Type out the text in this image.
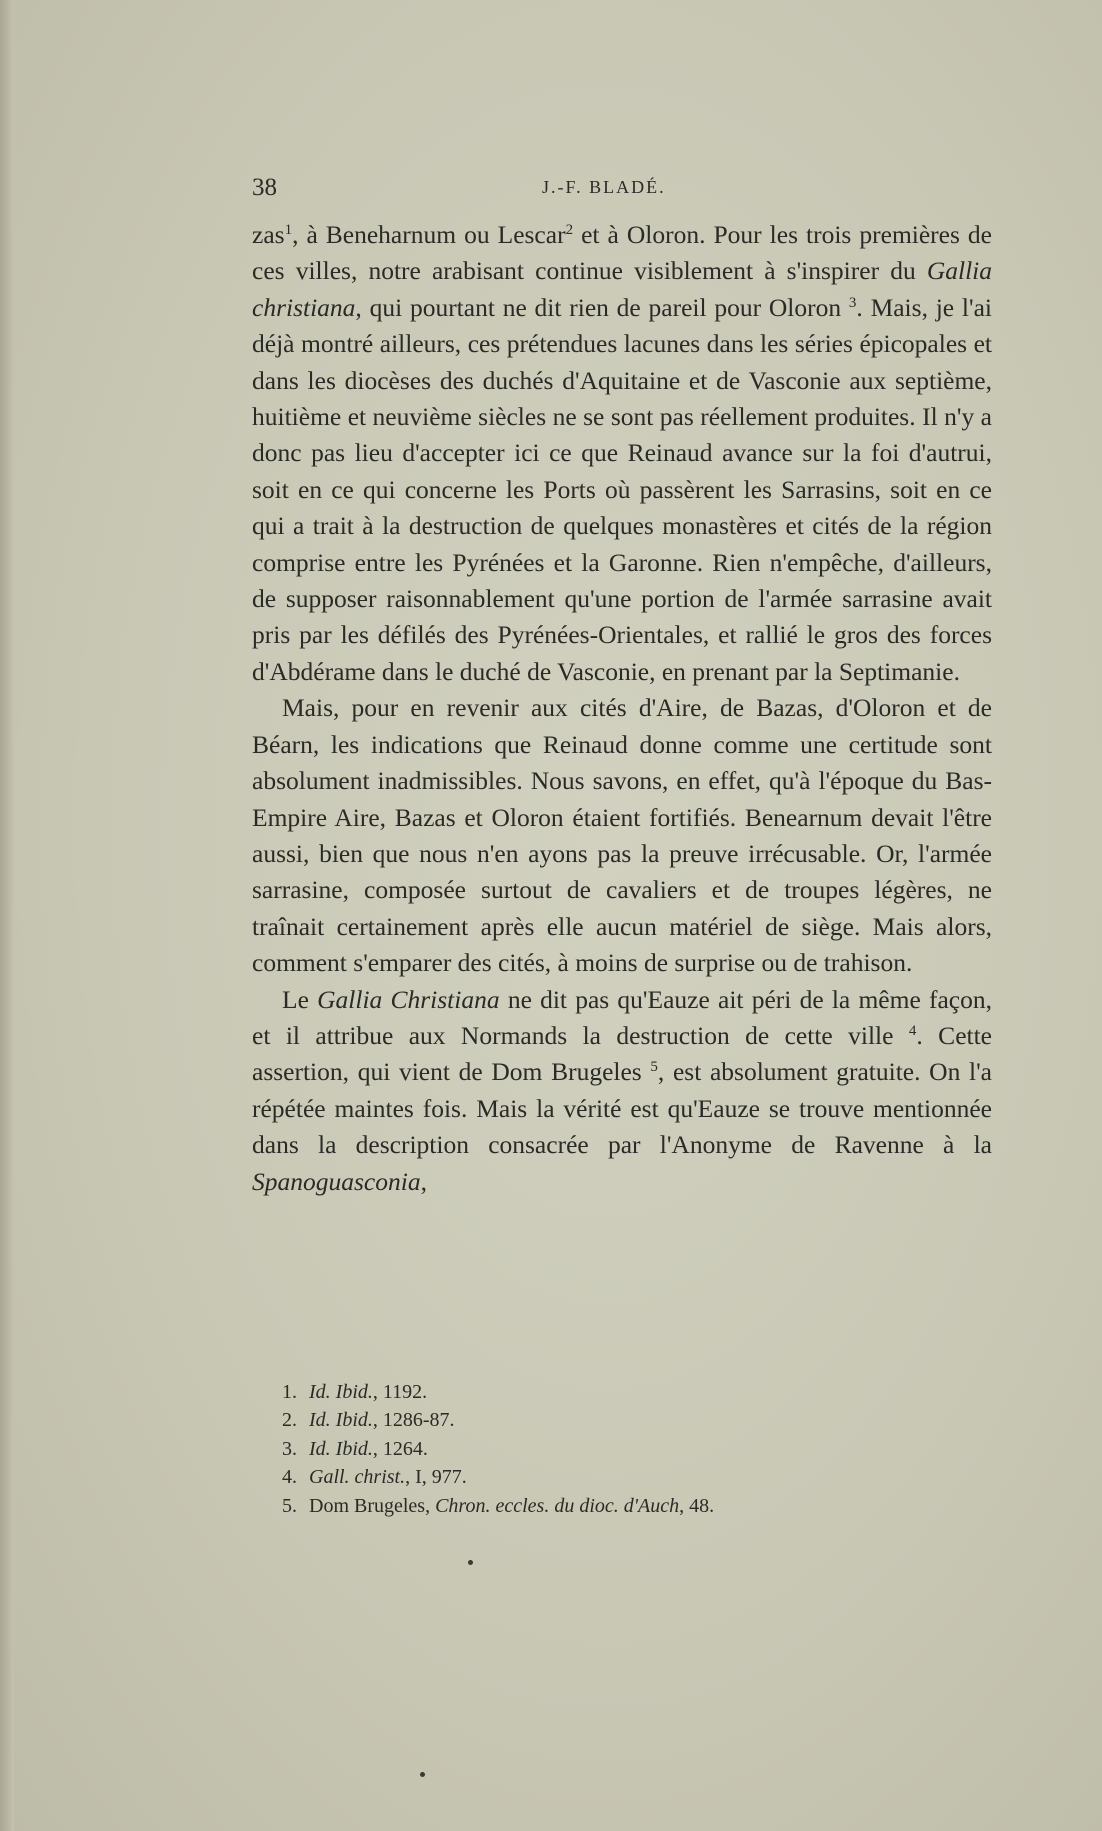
38	J.-F. BLADÉ.

zas$^1$, à Beneharnum ou Lescar$^2$ et à Oloron. Pour les trois premières de ces villes, notre arabisant continue visiblement à s'inspirer du Gallia christiana, qui pourtant ne dit rien de pareil pour Oloron $^3$. Mais, je l'ai déjà montré ailleurs, ces prétendues lacunes dans les séries épicopales et dans les diocèses des duchés d'Aquitaine et de Vasconie aux septième, huitième et neuvième siècles ne se sont pas réellement produites. Il n'y a donc pas lieu d'accepter ici ce que Reinaud avance sur la foi d'autrui, soit en ce qui concerne les Ports où passèrent les Sarrasins, soit en ce qui a trait à la destruction de quelques monastères et cités de la région comprise entre les Pyrénées et la Garonne. Rien n'empêche, d'ailleurs, de supposer raisonnablement qu'une portion de l'armée sarrasine avait pris par les défilés des Pyrénées-Orientales, et rallié le gros des forces d'Abdérame dans le duché de Vasconie, en prenant par la Septimanie.

Mais, pour en revenir aux cités d'Aire, de Bazas, d'Oloron et de Béarn, les indications que Reinaud donne comme une certitude sont absolument inadmissibles. Nous savons, en effet, qu'à l'époque du Bas-Empire Aire, Bazas et Oloron étaient fortifiés. Benearnum devait l'être aussi, bien que nous n'en ayons pas la preuve irrécusable. Or, l'armée sarrasine, composée surtout de cavaliers et de troupes légères, ne traînait certainement après elle aucun matériel de siège. Mais alors, comment s'emparer des cités, à moins de surprise ou de trahison.

Le Gallia Christiana ne dit pas qu'Eauze ait péri de la même façon, et il attribue aux Normands la destruction de cette ville $^4$. Cette assertion, qui vient de Dom Brugeles $^5$, est absolument gratuite. On l'a répétée maintes fois. Mais la vérité est qu'Eauze se trouve mentionnée dans la description consacrée par l'Anonyme de Ravenne à la Spanoguasconia,

1. Id. Ibid., 1192.
2. Id. Ibid., 1286-87.
3. Id. Ibid., 1264.
4. Gall. christ., I, 977.
5. Dom Brugeles, Chron. eccles. du dioc. d'Auch, 48.
